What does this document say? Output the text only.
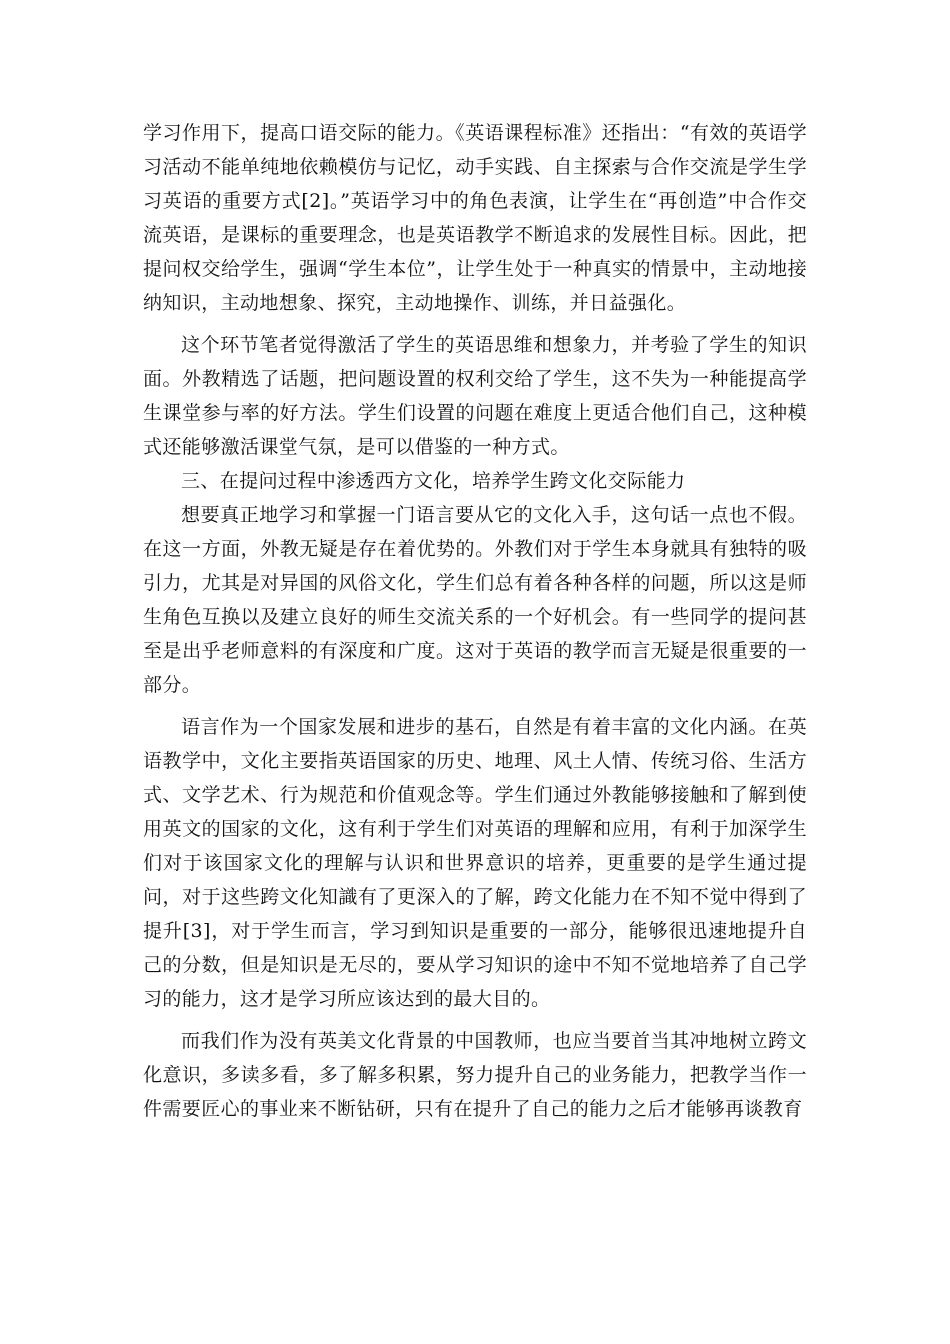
学习作用下，提高口语交际的能力。《英语课程标准》还指出：“有效的英语学习活动不能单纯地依赖模仿与记忆，动手实践、自主探索与合作交流是学生学习英语的重要方式[2]。”英语学习中的角色表演，让学生在“再创造”中合作交流英语，是课标的重要理念，也是英语教学不断追求的发展性目标。因此，把提问权交给学生，强调“学生本位”，让学生处于一种真实的情景中，主动地接纳知识，主动地想象、探究，主动地操作、训练，并日益强化。

这个环节笔者觉得激活了学生的英语思维和想象力，并考验了学生的知识面。外教精选了话题，把问题设置的权利交给了学生，这不失为一种能提高学生课堂参与率的好方法。学生们设置的问题在难度上更适合他们自己，这种模式还能够激活课堂气氛，是可以借鉴的一种方式。

三、在提问过程中渗透西方文化，培养学生跨文化交际能力

想要真正地学习和掌握一门语言要从它的文化入手，这句话一点也不假。在这一方面，外教无疑是存在着优势的。外教们对于学生本身就具有独特的吸引力，尤其是对异国的风俗文化，学生们总有着各种各样的问题，所以这是师生角色互换以及建立良好的师生交流关系的一个好机会。有一些同学的提问甚至是出乎老师意料的有深度和广度。这对于英语的教学而言无疑是很重要的一部分。

语言作为一个国家发展和进步的基石，自然是有着丰富的文化内涵。在英语教学中，文化主要指英语国家的历史、地理、风土人情、传统习俗、生活方式、文学艺术、行为规范和价值观念等。学生们通过外教能够接触和了解到使用英文的国家的文化，这有利于学生们对英语的理解和应用，有利于加深学生们对于该国家文化的理解与认识和世界意识的培养，更重要的是学生通过提问，对于这些跨文化知識有了更深入的了解，跨文化能力在不知不觉中得到了提升[3]，对于学生而言，学习到知识是重要的一部分，能够很迅速地提升自己的分数，但是知识是无尽的，要从学习知识的途中不知不觉地培养了自己学习的能力，这才是学习所应该达到的最大目的。

而我们作为没有英美文化背景的中国教师，也应当要首当其冲地树立跨文化意识，多读多看，多了解多积累，努力提升自己的业务能力，把教学当作一件需要匠心的事业来不断钻研，只有在提升了自己的能力之后才能够再谈教育
